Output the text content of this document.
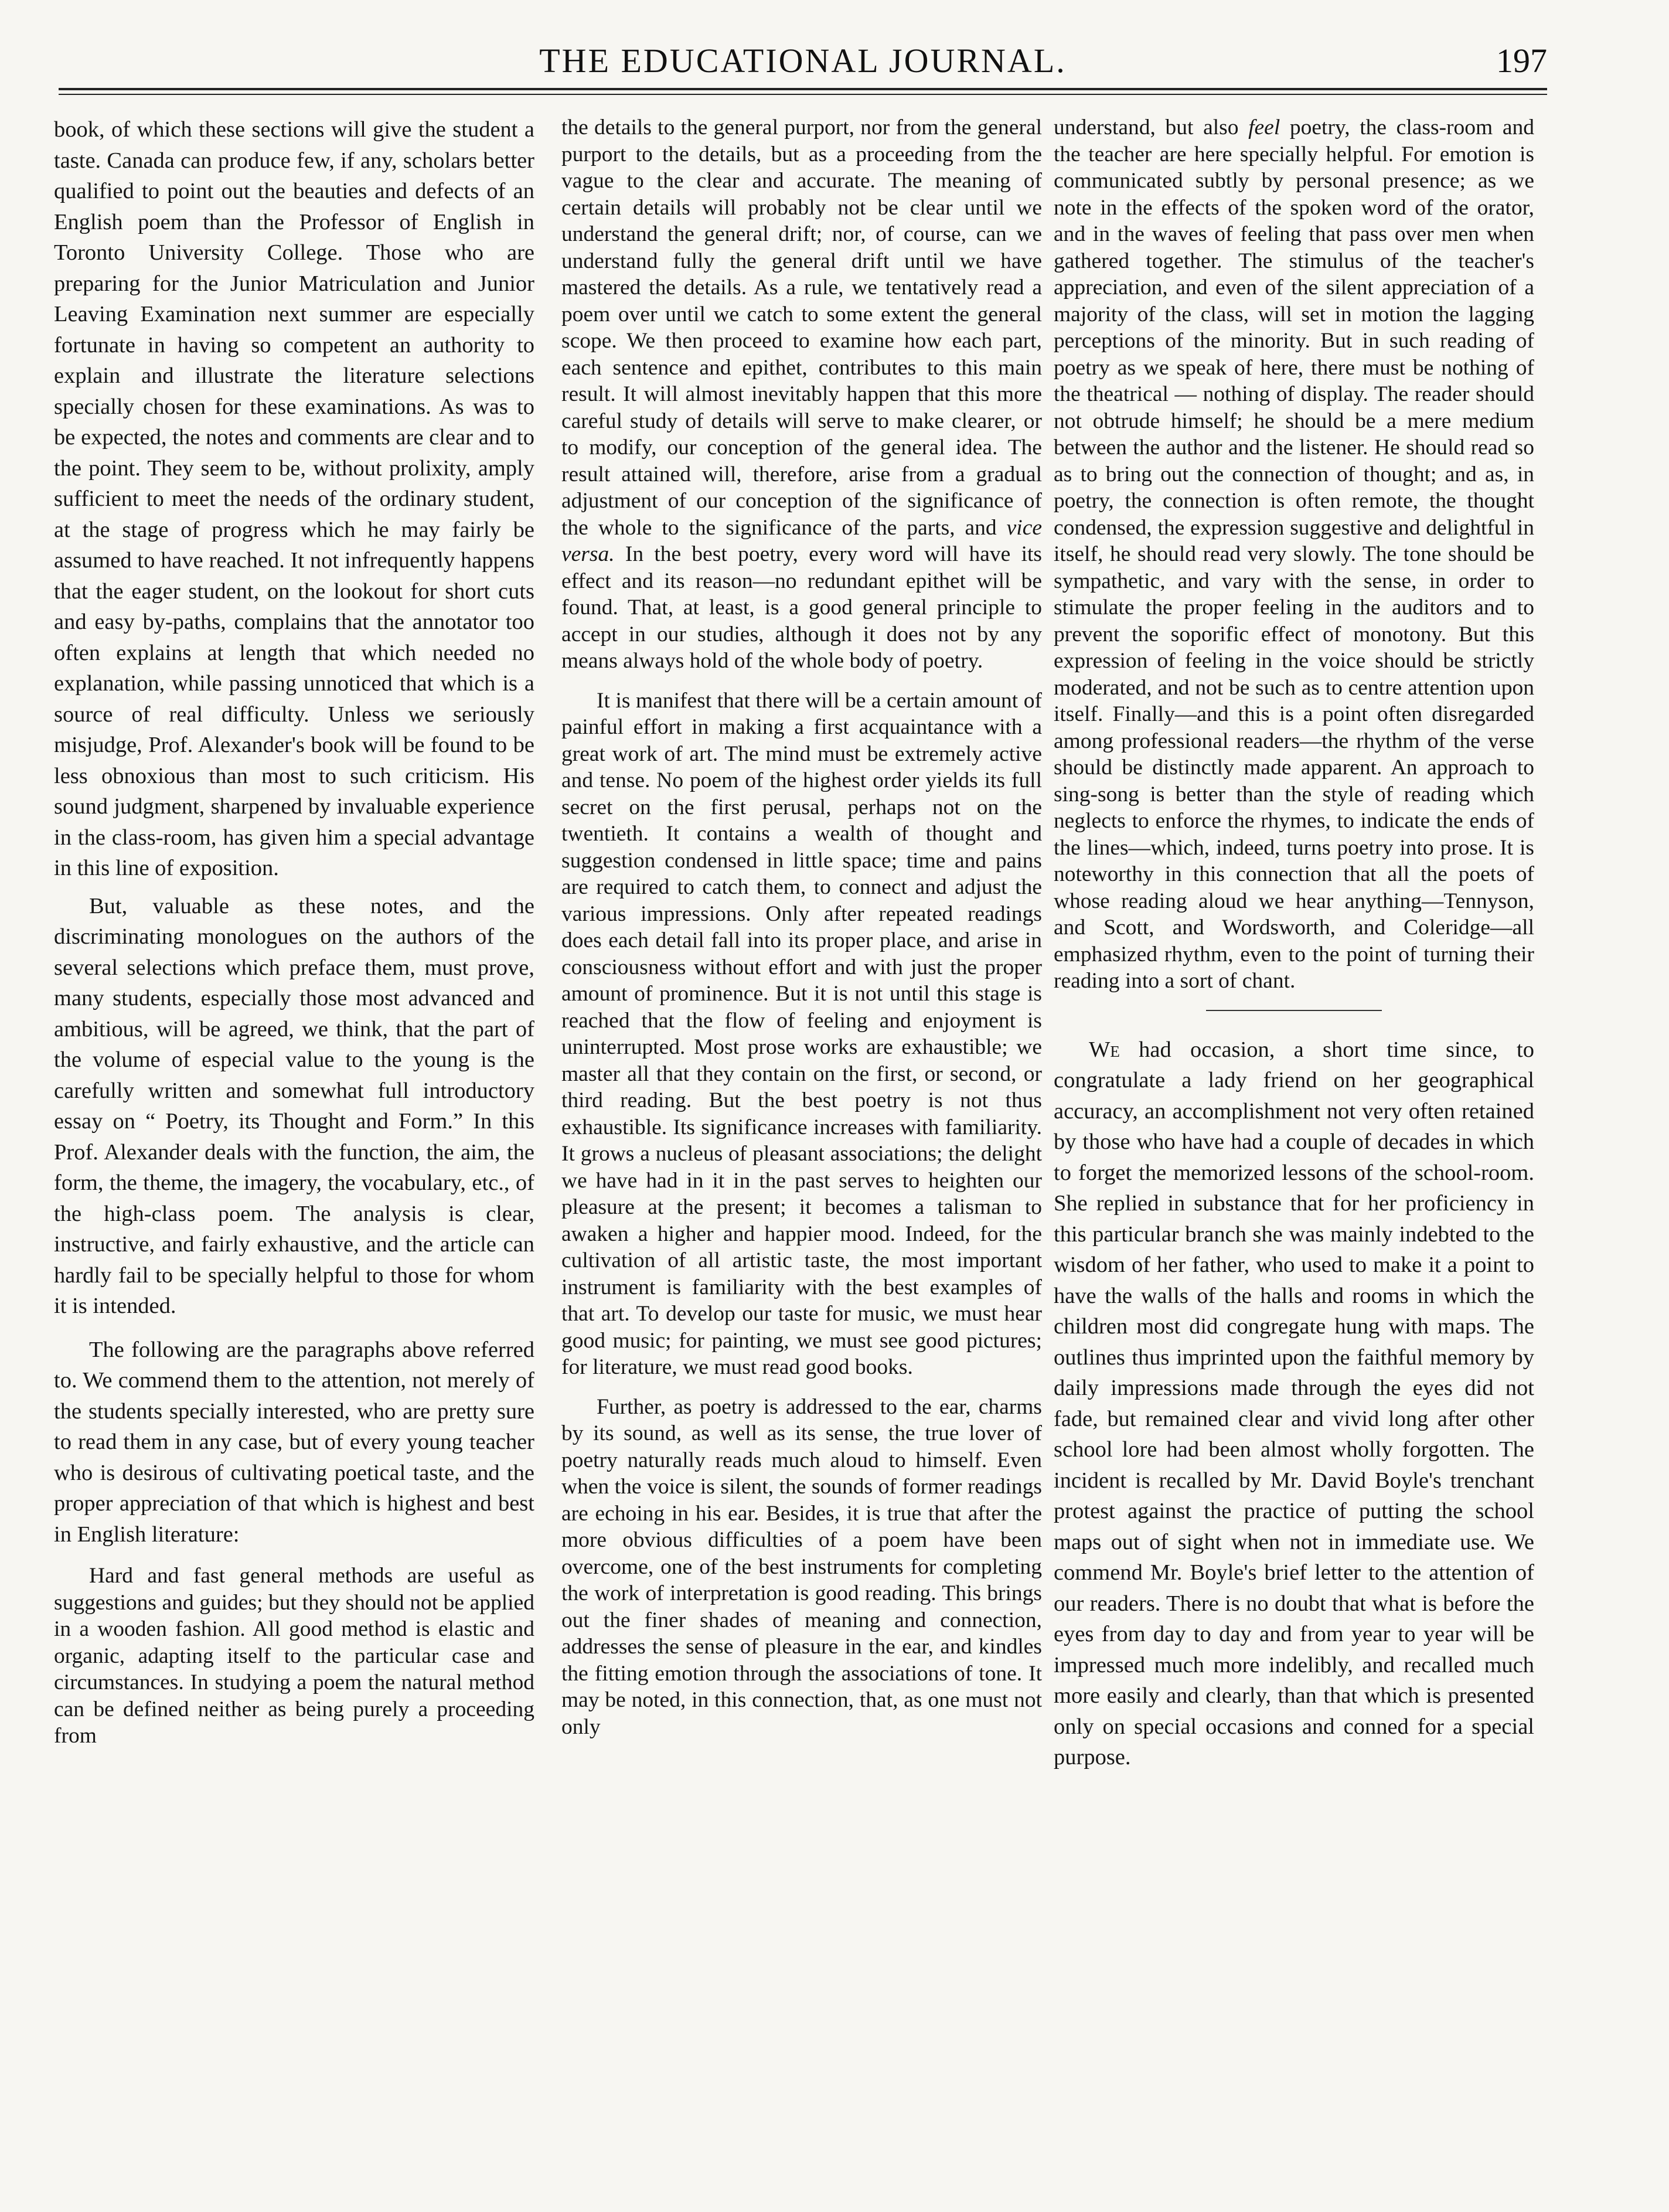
THE EDUCATIONAL JOURNAL.	197

book, of which these sections will give the student a taste. Canada can produce few, if any, scholars better qualified to point out the beauties and defects of an English poem than the Professor of English in Toronto University College. Those who are preparing for the Junior Matriculation and Junior Leaving Examination next summer are especially fortunate in having so competent an authority to explain and illustrate the literature selections specially chosen for these examinations. As was to be expected, the notes and comments are clear and to the point. They seem to be, without prolixity, amply sufficient to meet the needs of the ordinary student, at the stage of progress which he may fairly be assumed to have reached. It not infrequently happens that the eager student, on the lookout for short cuts and easy by-paths, complains that the annotator too often explains at length that which needed no explanation, while passing unnoticed that which is a source of real difficulty. Unless we seriously misjudge, Prof. Alexander's book will be found to be less obnoxious than most to such criticism. His sound judgment, sharpened by invaluable experience in the class-room, has given him a special advantage in this line of exposition.

But, valuable as these notes, and the discriminating monologues on the authors of the several selections which preface them, must prove, many students, especially those most advanced and ambitious, will be agreed, we think, that the part of the volume of especial value to the young is the carefully written and somewhat full introductory essay on “ Poetry, its Thought and Form.” In this Prof. Alexander deals with the function, the aim, the form, the theme, the imagery, the vocabulary, etc., of the high-class poem. The analysis is clear, instructive, and fairly exhaustive, and the article can hardly fail to be specially helpful to those for whom it is intended.

The following are the paragraphs above referred to. We commend them to the attention, not merely of the students specially interested, who are pretty sure to read them in any case, but of every young teacher who is desirous of cultivating poetical taste, and the proper appreciation of that which is highest and best in English literature:

Hard and fast general methods are useful as suggestions and guides; but they should not be applied in a wooden fashion. All good method is elastic and organic, adapting itself to the particular case and circumstances. In studying a poem the natural method can be defined neither as being purely a proceeding from

the details to the general purport, nor from the general purport to the details, but as a proceeding from the vague to the clear and accurate. The meaning of certain details will probably not be clear until we understand the general drift; nor, of course, can we understand fully the general drift until we have mastered the details. As a rule, we tentatively read a poem over until we catch to some extent the general scope. We then proceed to examine how each part, each sentence and epithet, contributes to this main result. It will almost inevitably happen that this more careful study of details will serve to make clearer, or to modify, our conception of the general idea. The result attained will, therefore, arise from a gradual adjustment of our conception of the significance of the whole to the significance of the parts, and vice versa. In the best poetry, every word will have its effect and its reason—no redundant epithet will be found. That, at least, is a good general principle to accept in our studies, although it does not by any means always hold of the whole body of poetry.

It is manifest that there will be a certain amount of painful effort in making a first acquaintance with a great work of art. The mind must be extremely active and tense. No poem of the highest order yields its full secret on the first perusal, perhaps not on the twentieth. It contains a wealth of thought and suggestion condensed in little space; time and pains are required to catch them, to connect and adjust the various impressions. Only after repeated readings does each detail fall into its proper place, and arise in consciousness without effort and with just the proper amount of prominence. But it is not until this stage is reached that the flow of feeling and enjoyment is uninterrupted. Most prose works are exhaustible; we master all that they contain on the first, or second, or third reading. But the best poetry is not thus exhaustible. Its significance increases with familiarity. It grows a nucleus of pleasant associations; the delight we have had in it in the past serves to heighten our pleasure at the present; it becomes a talisman to awaken a higher and happier mood. Indeed, for the cultivation of all artistic taste, the most important instrument is familiarity with the best examples of that art. To develop our taste for music, we must hear good music; for painting, we must see good pictures; for literature, we must read good books.

Further, as poetry is addressed to the ear, charms by its sound, as well as its sense, the true lover of poetry naturally reads much aloud to himself. Even when the voice is silent, the sounds of former readings are echoing in his ear. Besides, it is true that after the more obvious difficulties of a poem have been overcome, one of the best instruments for completing the work of interpretation is good reading. This brings out the finer shades of meaning and connection, addresses the sense of pleasure in the ear, and kindles the fitting emotion through the associations of tone. It may be noted, in this connection, that, as one must not only

understand, but also feel poetry, the class-room and the teacher are here specially helpful. For emotion is communicated subtly by personal presence; as we note in the effects of the spoken word of the orator, and in the waves of feeling that pass over men when gathered together. The stimulus of the teacher's appreciation, and even of the silent appreciation of a majority of the class, will set in motion the lagging perceptions of the minority. But in such reading of poetry as we speak of here, there must be nothing of the theatrical — nothing of display. The reader should not obtrude himself; he should be a mere medium between the author and the listener. He should read so as to bring out the connection of thought; and as, in poetry, the connection is often remote, the thought condensed, the expression suggestive and delightful in itself, he should read very slowly. The tone should be sympathetic, and vary with the sense, in order to stimulate the proper feeling in the auditors and to prevent the soporific effect of monotony. But this expression of feeling in the voice should be strictly moderated, and not be such as to centre attention upon itself. Finally—and this is a point often disregarded among professional readers—the rhythm of the verse should be distinctly made apparent. An approach to sing-song is better than the style of reading which neglects to enforce the rhymes, to indicate the ends of the lines—which, indeed, turns poetry into prose. It is noteworthy in this connection that all the poets of whose reading aloud we hear anything—Tennyson, and Scott, and Wordsworth, and Coleridge—all emphasized rhythm, even to the point of turning their reading into a sort of chant.

We had occasion, a short time since, to congratulate a lady friend on her geographical accuracy, an accomplishment not very often retained by those who have had a couple of decades in which to forget the memorized lessons of the school-room. She replied in substance that for her proficiency in this particular branch she was mainly indebted to the wisdom of her father, who used to make it a point to have the walls of the halls and rooms in which the children most did congregate hung with maps. The outlines thus imprinted upon the faithful memory by daily impressions made through the eyes did not fade, but remained clear and vivid long after other school lore had been almost wholly forgotten. The incident is recalled by Mr. David Boyle's trenchant protest against the practice of putting the school maps out of sight when not in immediate use. We commend Mr. Boyle's brief letter to the attention of our readers. There is no doubt that what is before the eyes from day to day and from year to year will be impressed much more indelibly, and recalled much more easily and clearly, than that which is presented only on special occasions and conned for a special purpose.
